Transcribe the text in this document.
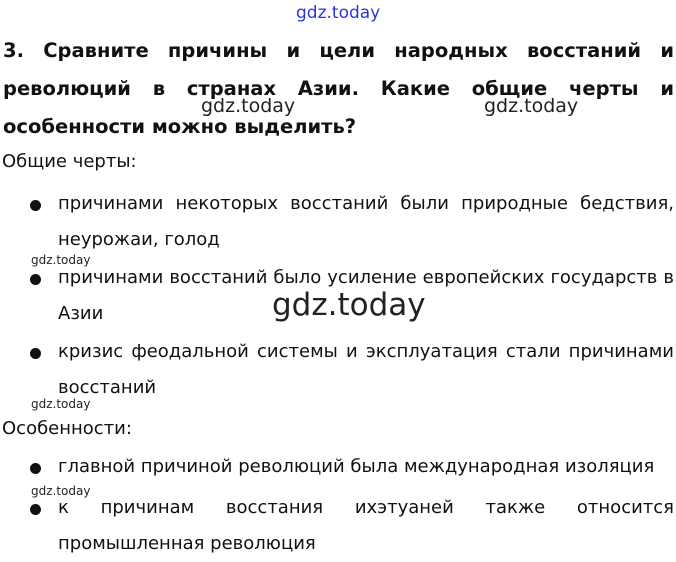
gdz.today

3. Сравните причины и цели народных восстаний и революций в странах Азии. Какие общие черты и особенности можно выделить?

gdz.today	gdz.today

Общие черты:

причинами некоторых восстаний были природные бедствия, неурожаи, голод

gdz.today

причинами восстаний было усиление европейских государств в Азии	gdz.today

кризис феодальной системы и эксплуатация стали причинами восстаний

gdz.today

Особенности:

главной причиной революций была международная изоляция

gdz.today

к причинам восстания ихэтуаней также относится промышленная революция
